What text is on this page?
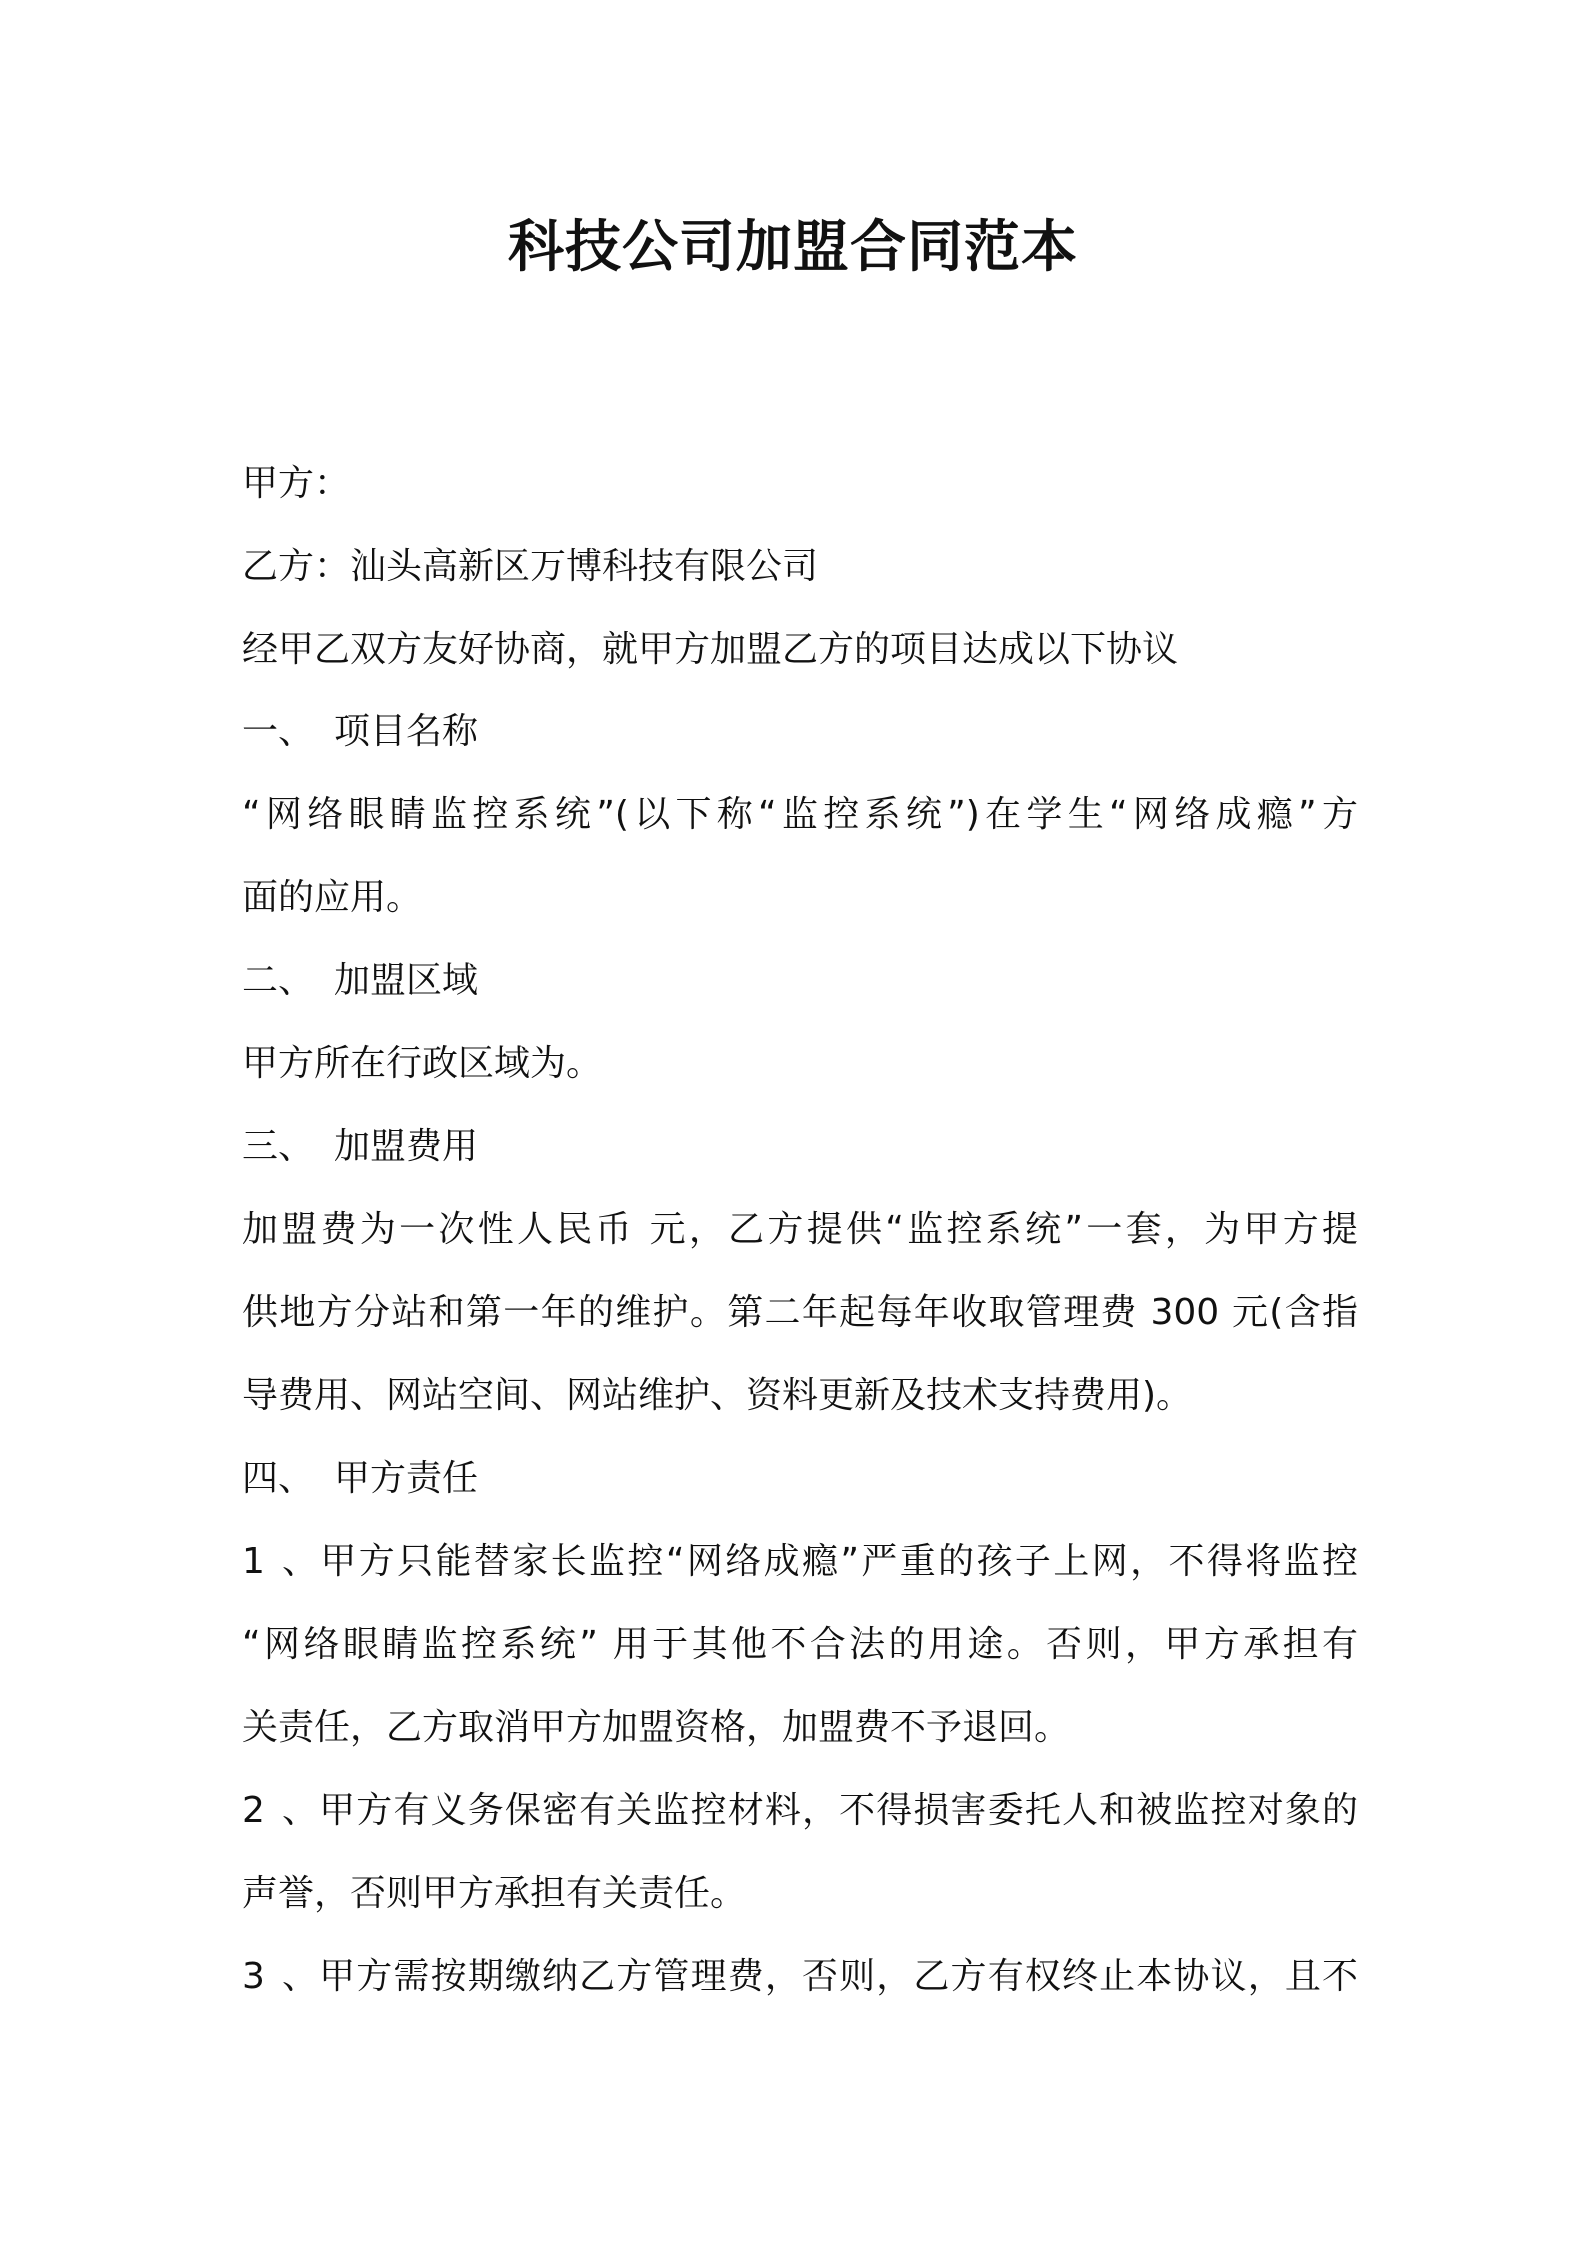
科技公司加盟合同范本
甲方：
乙方：汕头高新区万博科技有限公司
经甲乙双方友好协商，就甲方加盟乙方的项目达成以下协议
一、 项目名称
“网络眼睛监控系统”(以下称“监控系统”)在学生“网络成瘾”方
面的应用。
二、 加盟区域
甲方所在行政区域为。
三、 加盟费用
加盟费为一次性人民币 元，乙方提供“监控系统”一套，为甲方提
供地方分站和第一年的维护。第二年起每年收取管理费 300 元(含指
导费用、网站空间、网站维护、资料更新及技术支持费用)。
四、 甲方责任
1、甲方只能替家长监控“网络成瘾”严重的孩子上网，不得将监控
“网络眼睛监控系统” 用于其他不合法的用途。否则，甲方承担有
关责任，乙方取消甲方加盟资格，加盟费不予退回。
2、甲方有义务保密有关监控材料，不得损害委托人和被监控对象的
声誉，否则甲方承担有关责任。
3、甲方需按期缴纳乙方管理费，否则，乙方有权终止本协议，且不
